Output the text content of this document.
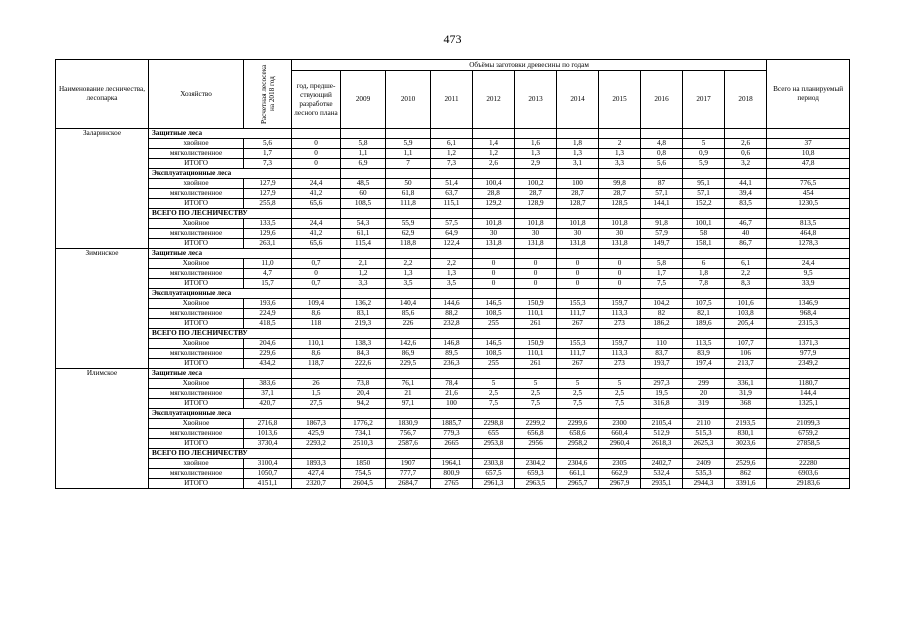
473
Наименование лесничества, лесопарка	Хозяйство	Расчетная лесосека на 2018 год	Объёмы заготовки древесины по годам											Всего на планируемый период
			год, предше-ствующий разработке лесного плана	2009	2010	2011	2012	2013	2014	2015	2016	2017	2018	
Заларинское	Защитные леса													
	хвойное	5,6	0	5,8	5,9	6,1	1,4	1,6	1,8	2	4,8	5	2,6	37
	мягколиственное	1,7	0	1,1	1,1	1,2	1,2	1,3	1,3	1,3	0,8	0,9	0,6	10,8
	ИТОГО	7,3	0	6,9	7	7,3	2,6	2,9	3,1	3,3	5,6	5,9	3,2	47,8
	Эксплуатационные леса													
	хвойное	127,9	24,4	48,5	50	51,4	100,4	100,2	100	99,8	87	95,1	44,1	776,5
	мягколиственное	127,9	41,2	60	61,8	63,7	28,8	28,7	28,7	28,7	57,1	57,1	39,4	454
	ИТОГО	255,8	65,6	108,5	111,8	115,1	129,2	128,9	128,7	128,5	144,1	152,2	83,5	1230,5
	ВСЕГО ПО ЛЕСНИЧЕСТВУ													
	Хвойное	133,5	24,4	54,3	55,9	57,5	101,8	101,8	101,8	101,8	91,8	100,1	46,7	813,5
	мягколиственное	129,6	41,2	61,1	62,9	64,9	30	30	30	30	57,9	58	40	464,8
	ИТОГО	263,1	65,6	115,4	118,8	122,4	131,8	131,8	131,8	131,8	149,7	158,1	86,7	1278,3
Зиминское	Защитные леса													
	Хвойное	11,0	0,7	2,1	2,2	2,2	0	0	0	0	5,8	6	6,1	24,4
	мягколиственное	4,7	0	1,2	1,3	1,3	0	0	0	0	1,7	1,8	2,2	9,5
	ИТОГО	15,7	0,7	3,3	3,5	3,5	0	0	0	0	7,5	7,8	8,3	33,9
	Эксплуатационные леса													
	Хвойное	193,6	109,4	136,2	140,4	144,6	146,5	150,9	155,3	159,7	104,2	107,5	101,6	1346,9
	мягколиственное	224,9	8,6	83,1	85,6	88,2	108,5	110,1	111,7	113,3	82	82,1	103,8	968,4
	ИТОГО	418,5	118	219,3	226	232,8	255	261	267	273	186,2	189,6	205,4	2315,3
	ВСЕГО ПО ЛЕСНИЧЕСТВУ													
	Хвойное	204,6	110,1	138,3	142,6	146,8	146,5	150,9	155,3	159,7	110	113,5	107,7	1371,3
	мягколиственное	229,6	8,6	84,3	86,9	89,5	108,5	110,1	111,7	113,3	83,7	83,9	106	977,9
	ИТОГО	434,2	118,7	222,6	229,5	236,3	255	261	267	273	193,7	197,4	213,7	2349,2
Илимское	Защитные леса													
	Хвойное	383,6	26	73,8	76,1	78,4	5	5	5	5	297,3	299	336,1	1180,7
	мягколиственное	37,1	1,5	20,4	21	21,6	2,5	2,5	2,5	2,5	19,5	20	31,9	144,4
	ИТОГО	420,7	27,5	94,2	97,1	100	7,5	7,5	7,5	7,5	316,8	319	368	1325,1
	Эксплуатационные леса													
	Хвойное	2716,8	1867,3	1776,2	1830,9	1885,7	2298,8	2299,2	2299,6	2300	2105,4	2110	2193,5	21099,3
	мягколиственное	1013,6	425,9	734,1	756,7	779,3	655	656,8	658,6	660,4	512,9	515,3	830,1	6759,2
	ИТОГО	3730,4	2293,2	2510,3	2587,6	2665	2953,8	2956	2958,2	2960,4	2618,3	2625,3	3023,6	27858,5
	ВСЕГО ПО ЛЕСНИЧЕСТВУ													
	хвойное	3100,4	1893,3	1850	1907	1964,1	2303,8	2304,2	2304,6	2305	2402,7	2409	2529,6	22280
	мягколиственное	1050,7	427,4	754,5	777,7	800,9	657,5	659,3	661,1	662,9	532,4	535,3	862	6903,6
	ИТОГО	4151,1	2320,7	2604,5	2684,7	2765	2961,3	2963,5	2965,7	2967,9	2935,1	2944,3	3391,6	29183,6
